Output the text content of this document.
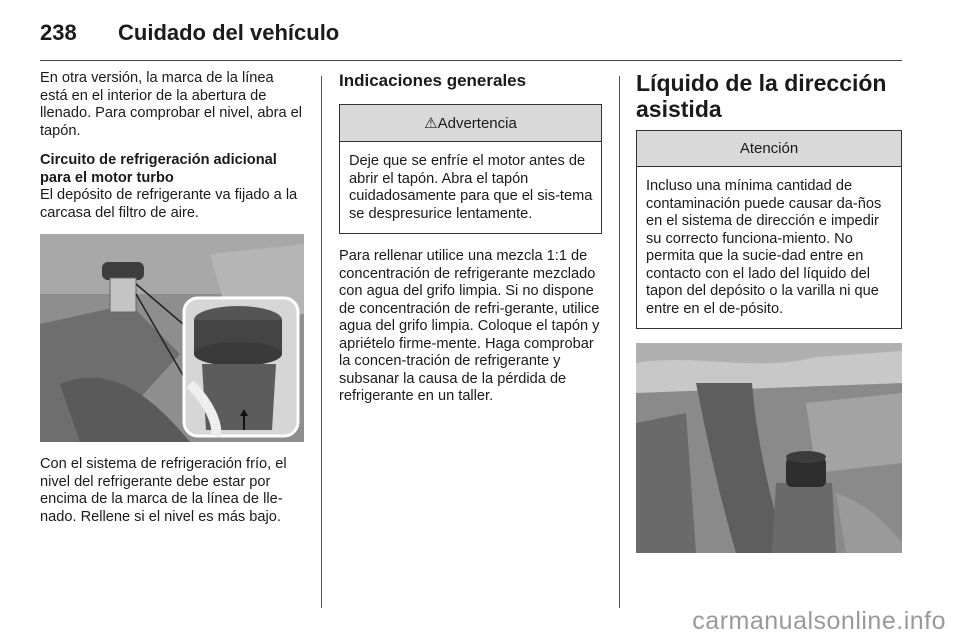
238 Cuidado del vehículo

En otra versión, la marca de la línea está en el interior de la abertura de llenado. Para comprobar el nivel, abra el tapón.

Circuito de refrigeración adicional para el motor turbo

El depósito de refrigerante va fijado a la carcasa del filtro de aire.

Con el sistema de refrigeración frío, el nivel del refrigerante debe estar por encima de la marca de la línea de lle-nado. Rellene si el nivel es más bajo.

Indicaciones generales
⚠Advertencia

Deje que se enfríe el motor antes de abrir el tapón. Abra el tapón cuidadosamente para que el sis-tema se despresurice lentamente.

Para rellenar utilice una mezcla 1:1 de concentración de refrigerante mezclado con agua del grifo limpia. Si no dispone de concentración de refri-gerante, utilice agua del grifo limpia. Coloque el tapón y apriételo firme-mente. Haga comprobar la concen-tración de refrigerante y subsanar la causa de la pérdida de refrigerante en un taller.

Líquido de la dirección asistida
Atención

Incluso una mínima cantidad de contaminación puede causar da-ños en el sistema de dirección e impedir su correcto funciona-miento. No permita que la sucie-dad entre en contacto con el lado del líquido del tapon del depósito o la varilla ni que entre en el de-pósito.

carmanualsonline.info
